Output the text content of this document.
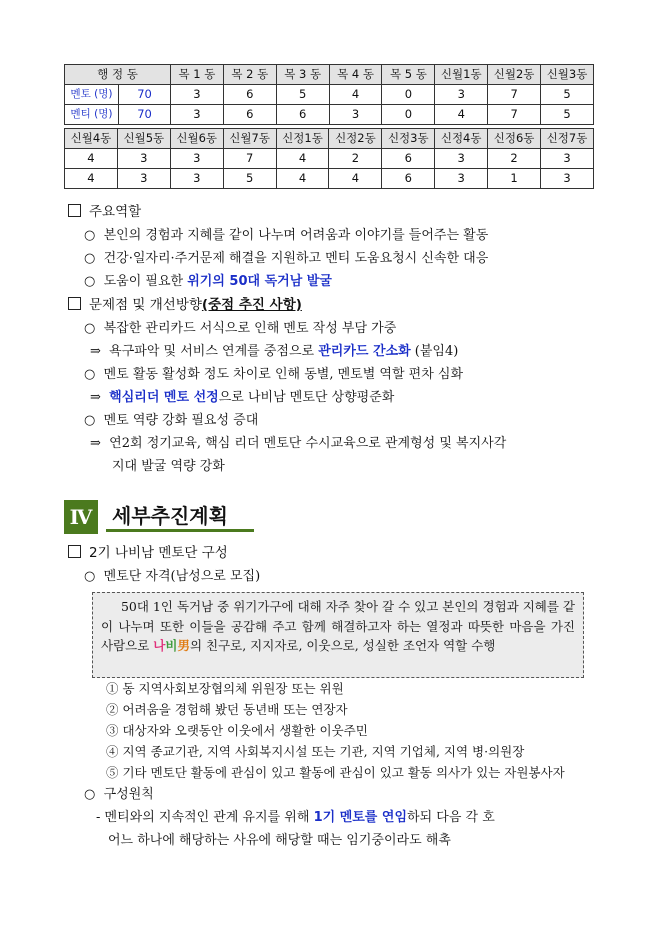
행 정 동		목 1 동	목 2 동	목 3 동	목 4 동	목 5 동	신월1동	신월2동	신월3동
멘토 (명)	70	3	6	5	4	0	3	7	5
멘티 (명)	70	3	6	6	3	0	4	7	5
신월4동	신월5동	신월6동	신월7동	신정1동	신정2동	신정3동	신정4동	신정6동	신정7동
4	3	3	7	4	2	6	3	2	3
4	3	3	5	4	4	6	3	1	3
주요역할
○ 본인의 경험과 지혜를 같이 나누며 어려움과 이야기를 들어주는 활동
○ 건강·일자리·주거문제 해결을 지원하고 멘티 도움요청시 신속한 대응
○ 도움이 필요한 위기의 50대 독거남 발굴
문제점 및 개선방향(중점 추진 사항)
○ 복잡한 관리카드 서식으로 인해 멘토 작성 부담 가중
⇒ 욕구파악 및 서비스 연계를 중점으로 관리카드 간소화 (붙임4)
○ 멘토 활동 활성화 정도 차이로 인해 동별, 멘토별 역할 편차 심화
⇒ 핵심리더 멘토 선정으로 나비남 멘토단 상향평준화
○ 멘토 역량 강화 필요성 증대
⇒ 연2회 정기교육, 핵심 리더 멘토단 수시교육으로 관계형성 및 복지사각
지대 발굴 역량 강화
Ⅳ 세부추진계획
2기 나비남 멘토단 구성
○ 멘토단 자격(남성으로 모집)
50대 1인 독거남 중 위기가구에 대해 자주 찾아 갈 수 있고 본인의 경험과 지혜를 같이 나누며 또한 이들을 공감해 주고 함께 해결하고자 하는 열정과 따뜻한 마음을 가진 사람으로 나비男의 친구로, 지지자로, 이웃으로, 성실한 조언자 역할 수행
① 동 지역사회보장협의체 위원장 또는 위원
② 어려움을 경험해 봤던 동년배 또는 연장자
③ 대상자와 오랫동안 이웃에서 생활한 이웃주민
④ 지역 종교기관, 지역 사회복지시설 또는 기관, 지역 기업체, 지역 병·의원장
⑤ 기타 멘토단 활동에 관심이 있고 활동에 관심이 있고 활동 의사가 있는 자원봉사자
○ 구성원칙
- 멘티와의 지속적인 관계 유지를 위해 1기 멘토를 연임하되 다음 각 호
어느 하나에 해당하는 사유에 해당할 때는 임기중이라도 해촉
